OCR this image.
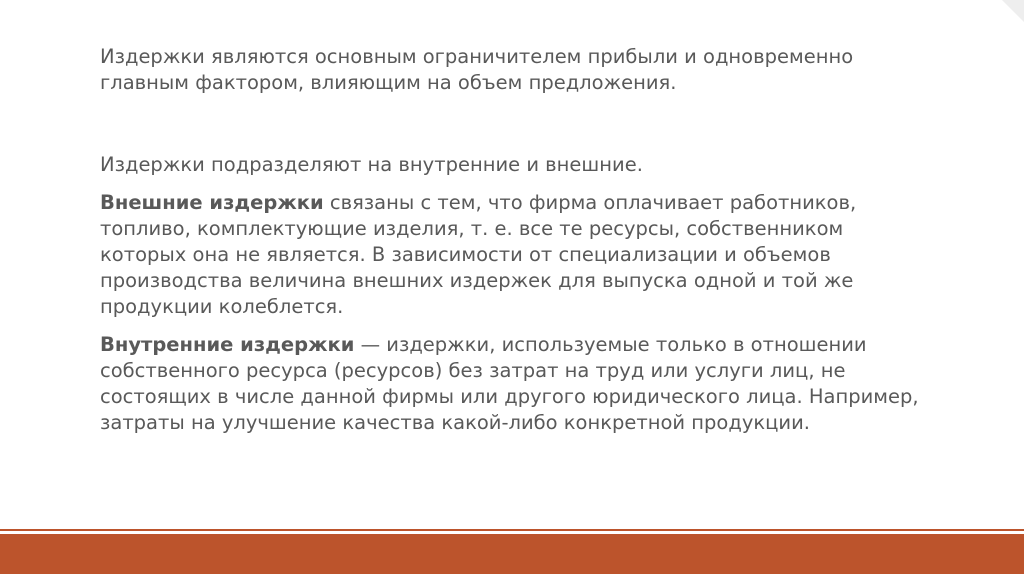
Издержки являются основным ограничителем прибыли и одновременно главным фактором, влияющим на объем предложения.

Издержки подразделяют на внутренние и внешние.

Внешние издержки связаны с тем, что фирма оплачивает работников, топливо, комплектующие изделия, т. е. все те ресурсы, собственником которых она не является. В зависимости от специализации и объемов производства величина внешних издержек для выпуска одной и той же продукции колеблется.

Внутренние издержки — издержки, используемые только в отношении собственного ресурса (ресурсов) без затрат на труд или услуги лиц, не состоящих в числе данной фирмы или другого юридического лица. Например, затраты на улучшение качества какой-либо конкретной продукции.
